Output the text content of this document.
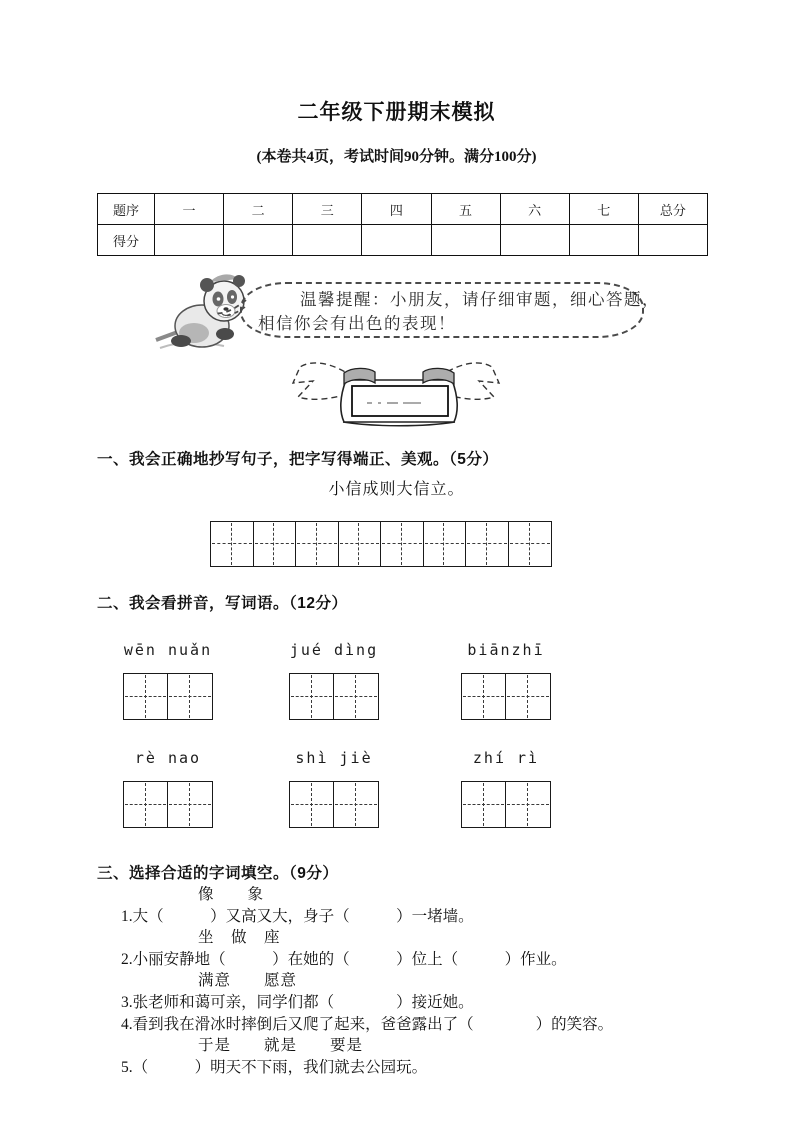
二年级下册期末模拟
(本卷共4页，考试时间90分钟。满分100分)
题序	一	二	三	四	五	六	七	总分
得分								
温馨提醒：小朋友，请仔细审题，细心答题，
相信你会有出色的表现！
一、我会正确地抄写句子，把字写得端正、美观。（5分）
小信成则大信立。
二、我会看拼音，写词语。（12分）
wēn nuǎn	jué dìng	biānzhī
rè nao	shì jiè	zhí rì
三、选择合适的字词填空。（9分）
像　　象
1.大（　　　）又高又大，身子（　　　）一堵墙。
坐　做　座
2.小丽安静地（　　　）在她的（　　　）位上（　　　）作业。
满意　　愿意
3.张老师和蔼可亲，同学们都（　　　　）接近她。
4.看到我在滑冰时摔倒后又爬了起来，爸爸露出了（　　　　）的笑容。
于是　　就是　　要是
5.（　　　）明天不下雨，我们就去公园玩。
